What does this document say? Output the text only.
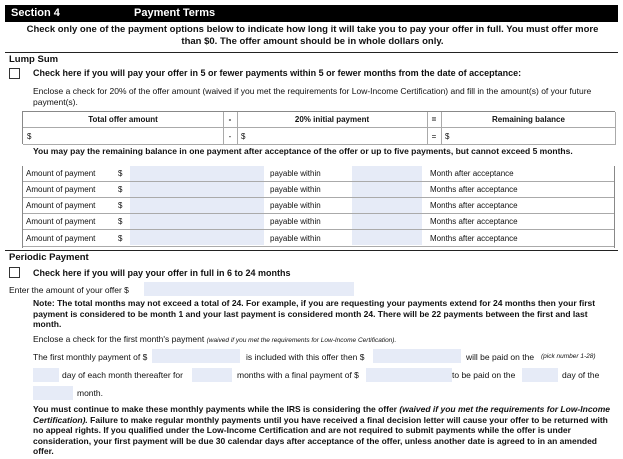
Section 4	Payment Terms
Check only one of the payment options below to indicate how long it will take you to pay your offer in full. You must offer more than $0. The offer amount should be in whole dollars only.
Lump Sum
Check here if you will pay your offer in 5 or fewer payments within 5 or fewer months from the date of acceptance:
Enclose a check for 20% of the offer amount (waived if you met the requirements for Low-Income Certification) and fill in the amount(s) of your future payment(s).
Total offer amount	-	20% initial payment	=	Remaining balance
$	-	$	=	$
You may pay the remaining balance in one payment after acceptance of the offer or up to five payments, but cannot exceed 5 months.
Amount of payment	$	payable within	Month after acceptance
Amount of payment	$	payable within	Months after acceptance
Amount of payment	$	payable within	Months after acceptance
Amount of payment	$	payable within	Months after acceptance
Amount of payment	$	payable within	Months after acceptance
Periodic Payment
Check here if you will pay your offer in full in 6 to 24 months
Enter the amount of your offer $
Note: The total months may not exceed a total of 24. For example, if you are requesting your payments extend for 24 months then your first payment is considered to be month 1 and your last payment is considered month 24. There will be 22 payments between the first and last month.
Enclose a check for the first month's payment (waived if you met the requirements for Low-Income Certification).
The first monthly payment of $	is included with this offer then $	will be paid on the (pick number 1-28)
day of each month thereafter for	months with a final payment of $	to be paid on the	day of the
month.
You must continue to make these monthly payments while the IRS is considering the offer (waived if you met the requirements for Low-Income Certification). Failure to make regular monthly payments until you have received a final decision letter will cause your offer to be returned with no appeal rights. If you qualified under the Low-Income Certification and are not required to submit payments while the offer is under consideration, your first payment will be due 30 calendar days after acceptance of the offer, unless another date is agreed to in an amended offer.
